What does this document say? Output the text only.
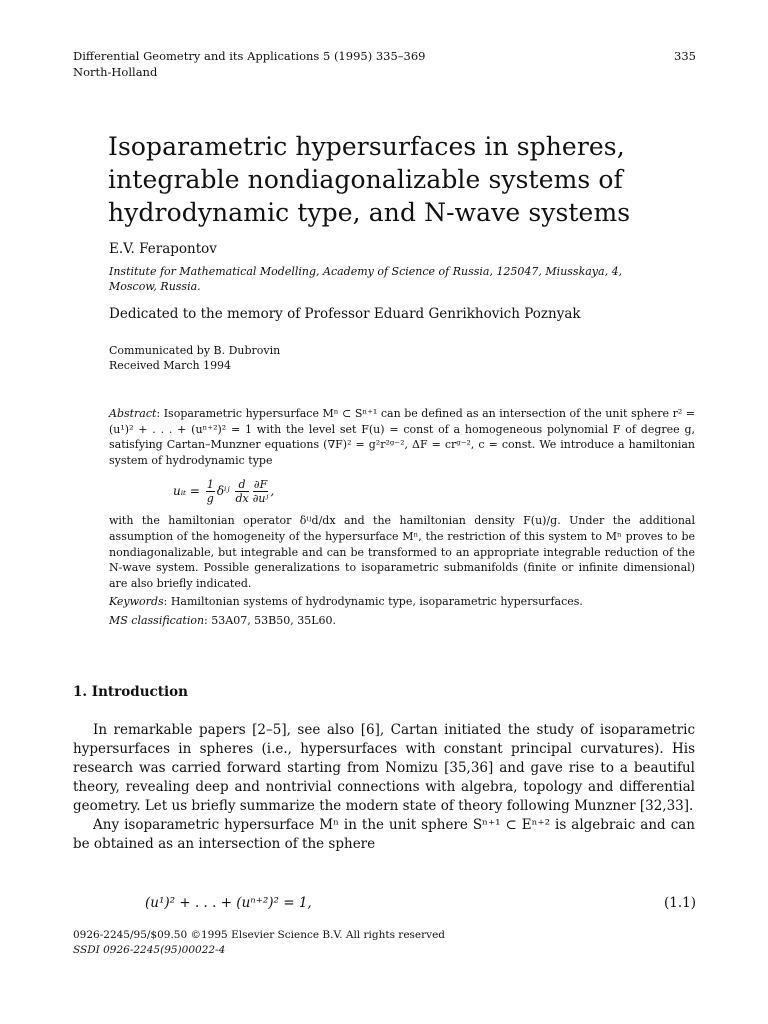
Differential Geometry and its Applications 5 (1995) 335–369
North-Holland
335
Isoparametric hypersurfaces in spheres,
integrable nondiagonalizable systems of
hydrodynamic type, and N-wave systems
E.V. Ferapontov
Institute for Mathematical Modelling, Academy of Science of Russia, 125047, Miusskaya, 4,
Moscow, Russia.
Dedicated to the memory of Professor Eduard Genrikhovich Poznyak
Communicated by B. Dubrovin
Received March 1994
Abstract: Isoparametric hypersurface Mⁿ ⊂ Sⁿ⁺¹ can be defined as an intersection of the unit sphere r² = (u¹)² + . . . + (uⁿ⁺²)² = 1 with the level set F(u) = const of a homogeneous polynomial F of degree g, satisfying Cartan–Munzner equations (∇F)² = g²r²ᵍ⁻², ΔF = crᵍ⁻², c = const. We introduce a hamiltonian system of hydrodynamic type
uᵢₜ = $\frac{1}{g}$ δⁱʲ $\frac{d}{dx} \frac{\partial F}{\text{∂uʲ}}$ ,
with the hamiltonian operator δⁱʲd/dx and the hamiltonian density F(u)/g. Under the additional assumption of the homogeneity of the hypersurface Mⁿ, the restriction of this system to Mⁿ proves to be nondiagonalizable, but integrable and can be transformed to an appropriate integrable reduction of the N-wave system. Possible generalizations to isoparametric submanifolds (finite or infinite dimensional) are also briefly indicated.
Keywords: Hamiltonian systems of hydrodynamic type, isoparametric hypersurfaces.
MS classification: 53A07, 53B50, 35L60.
1. Introduction
In remarkable papers [2–5], see also [6], Cartan initiated the study of isoparametric hypersurfaces in spheres (i.e., hypersurfaces with constant principal curvatures). His research was carried forward starting from Nomizu [35,36] and gave rise to a beautiful theory, revealing deep and nontrivial connections with algebra, topology and differential geometry. Let us briefly summarize the modern state of theory following Munzner [32,33].
Any isoparametric hypersurface Mⁿ in the unit sphere Sⁿ⁺¹ ⊂ Eⁿ⁺² is algebraic and can be obtained as an intersection of the sphere
(u¹)² + . . . + (uⁿ⁺²)² = 1,	(1.1)
0926-2245/95/$09.50 ©1995 Elsevier Science B.V. All rights reserved
SSDI 0926-2245(95)00022-4
